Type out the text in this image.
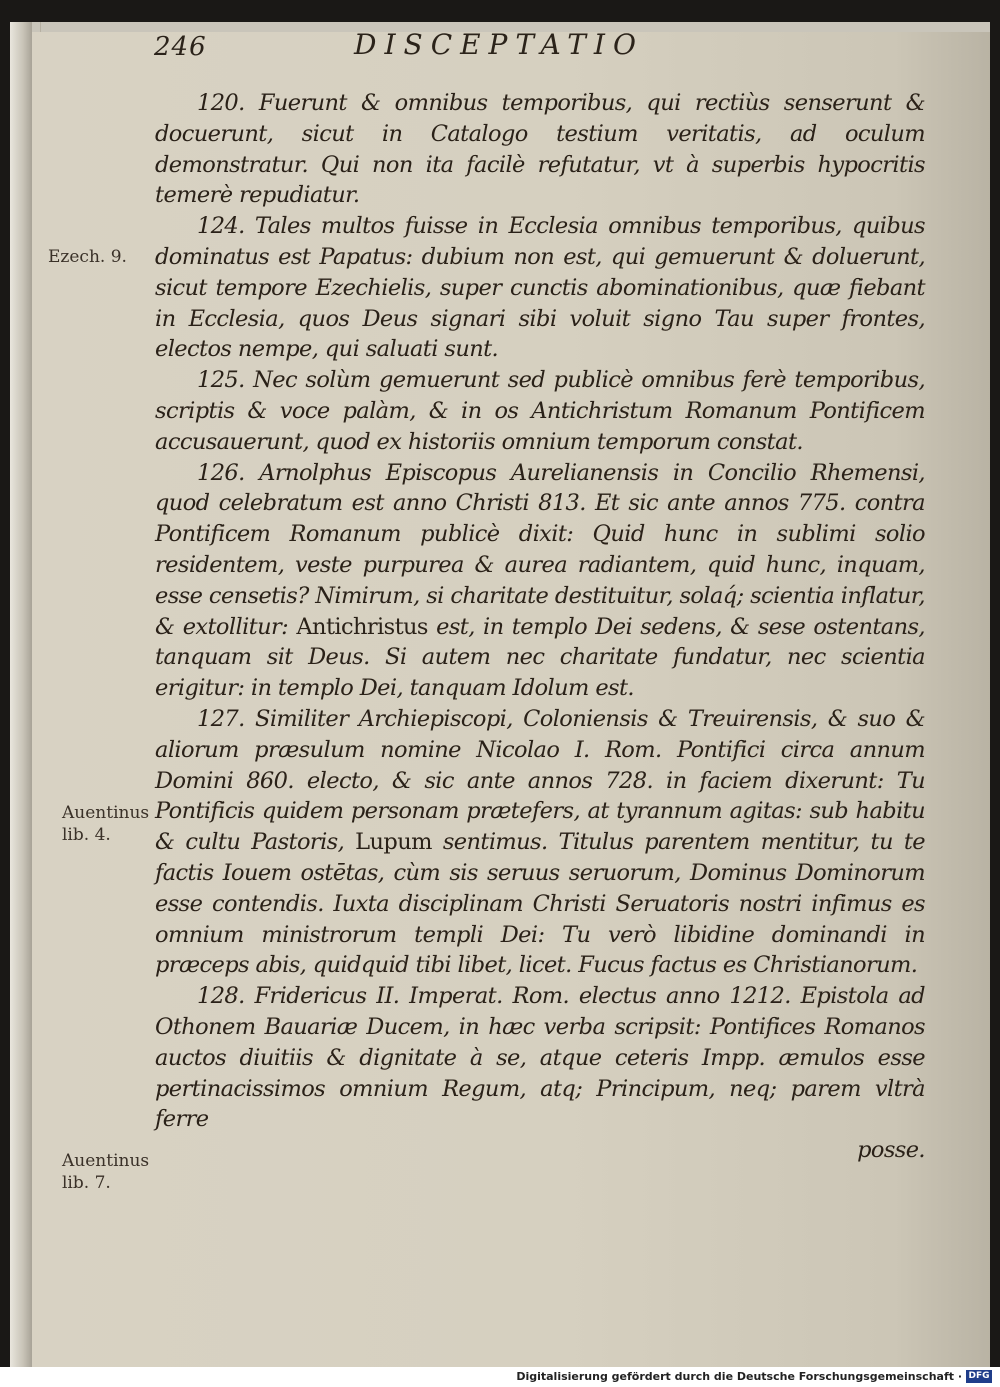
246	DISCEPTATIO
Ezech. 9.
Auentinus lib. 4.
Auentinus lib. 7.

120. Fuerunt & omnibus temporibus, qui rectiùs senserunt & docuerunt, sicut in Catalogo testium veritatis, ad oculum demonstratur. Qui non ita facilè refutatur, vt à superbis hypocritis temerè repudiatur.

124. Tales multos fuisse in Ecclesia omnibus temporibus, quibus dominatus est Papatus: dubium non est, qui gemuerunt & doluerunt, sicut tempore Ezechielis, super cunctis abominationibus, quæ fiebant in Ecclesia, quos Deus signari sibi voluit signo Tau super frontes, electos nempe, qui saluati sunt.

125. Nec solùm gemuerunt sed publicè omnibus ferè temporibus, scriptis & voce palàm, & in os Antichristum Romanum Pontificem accusauerunt, quod ex historiis omnium temporum constat.

126. Arnolphus Episcopus Aurelianensis in Concilio Rhemensi, quod celebratum est anno Christi 813. Et sic ante annos 775. contra Pontificem Romanum publicè dixit: Quid hunc in sublimi solio residentem, veste purpurea & aurea radiantem, quid hunc, inquam, esse censetis? Nimirum, si charitate destituitur, solaq́; scientia inflatur, & extollitur: Antichristus est, in templo Dei sedens, & sese ostentans, tanquam sit Deus. Si autem nec charitate fundatur, nec scientia erigitur: in templo Dei, tanquam Idolum est.

127. Similiter Archiepiscopi, Coloniensis & Treuirensis, & suo & aliorum præsulum nomine Nicolao I. Rom. Pontifici circa annum Domini 860. electo, & sic ante annos 728. in faciem dixerunt: Tu Pontificis quidem personam prætefers, at tyrannum agitas: sub habitu & cultu Pastoris, Lupum sentimus. Titulus parentem mentitur, tu te factis Iouem ostētas, cùm sis seruus seruorum, Dominus Dominorum esse contendis. Iuxta disciplinam Christi Seruatoris nostri infimus es omnium ministrorum templi Dei: Tu verò libidine dominandi in præceps abis, quidquid tibi libet, licet. Fucus factus es Christianorum.

128. Fridericus II. Imperat. Rom. electus anno 1212. Epistola ad Othonem Bauariæ Ducem, in hæc verba scripsit: Pontifices Romanos auctos diuitiis & dignitate à se, atque ceteris Impp. æmulos esse pertinacissimos omnium Regum, atq; Principum, neq; parem vltrà ferre

posse.

Digitalisierung gefördert durch die Deutsche Forschungsgemeinschaft · DFG
